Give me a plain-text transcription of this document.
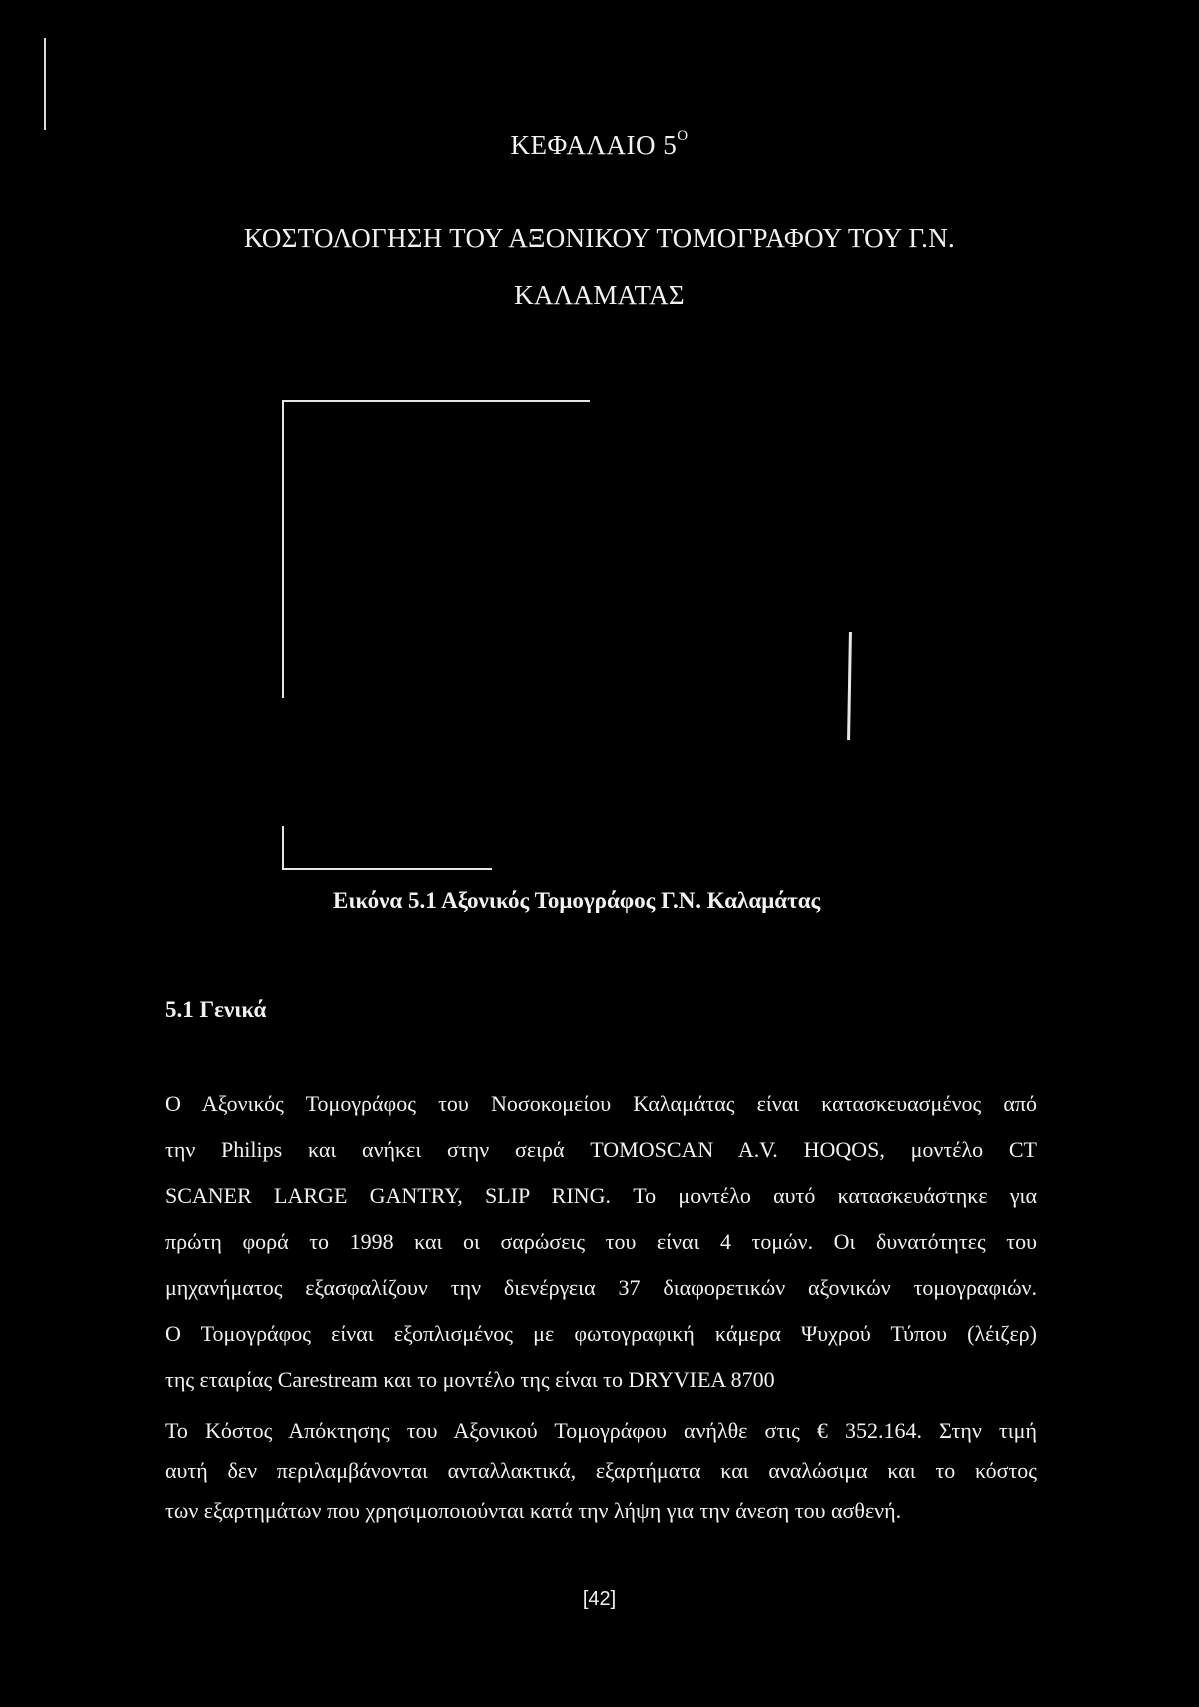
ΚΕΦΑΛΑΙΟ $5^O$
ΚΟΣΤΟΛΟΓΗΣΗ ΤΟΥ ΑΞΟΝΙΚΟΥ ΤΟΜΟΓΡΑΦΟΥ ΤΟΥ Γ.Ν.
ΚΑΛΑΜΑΤΑΣ
Εικόνα 5.1 Αξονικός Τομογράφος Γ.Ν. Καλαμάτας
5.1 Γενικά
Ο Αξονικός Τομογράφος του Νοσοκομείου Καλαμάτας είναι κατασκευασμένος από
την Philips και ανήκει στην σειρά TOMOSCAN A.V. HOQOS, μοντέλο CT
SCANER LARGE GANTRY, SLIP RING. Το μοντέλο αυτό κατασκευάστηκε για
πρώτη φορά το 1998 και οι σαρώσεις του είναι 4 τομών. Οι δυνατότητες του
μηχανήματος εξασφαλίζουν την διενέργεια 37 διαφορετικών αξονικών τομογραφιών.
Ο Τομογράφος είναι εξοπλισμένος με φωτογραφική κάμερα Ψυχρού Τύπου (λέιζερ)
της εταιρίας Carestream και το μοντέλο της είναι το DRYVIEA 8700
Το Κόστος Απόκτησης του Αξονικού Τομογράφου ανήλθε στις € 352.164. Στην τιμή
αυτή δεν περιλαμβάνονται ανταλλακτικά, εξαρτήματα και αναλώσιμα και το κόστος
των εξαρτημάτων που χρησιμοποιούνται κατά την λήψη για την άνεση του ασθενή.
[42]
